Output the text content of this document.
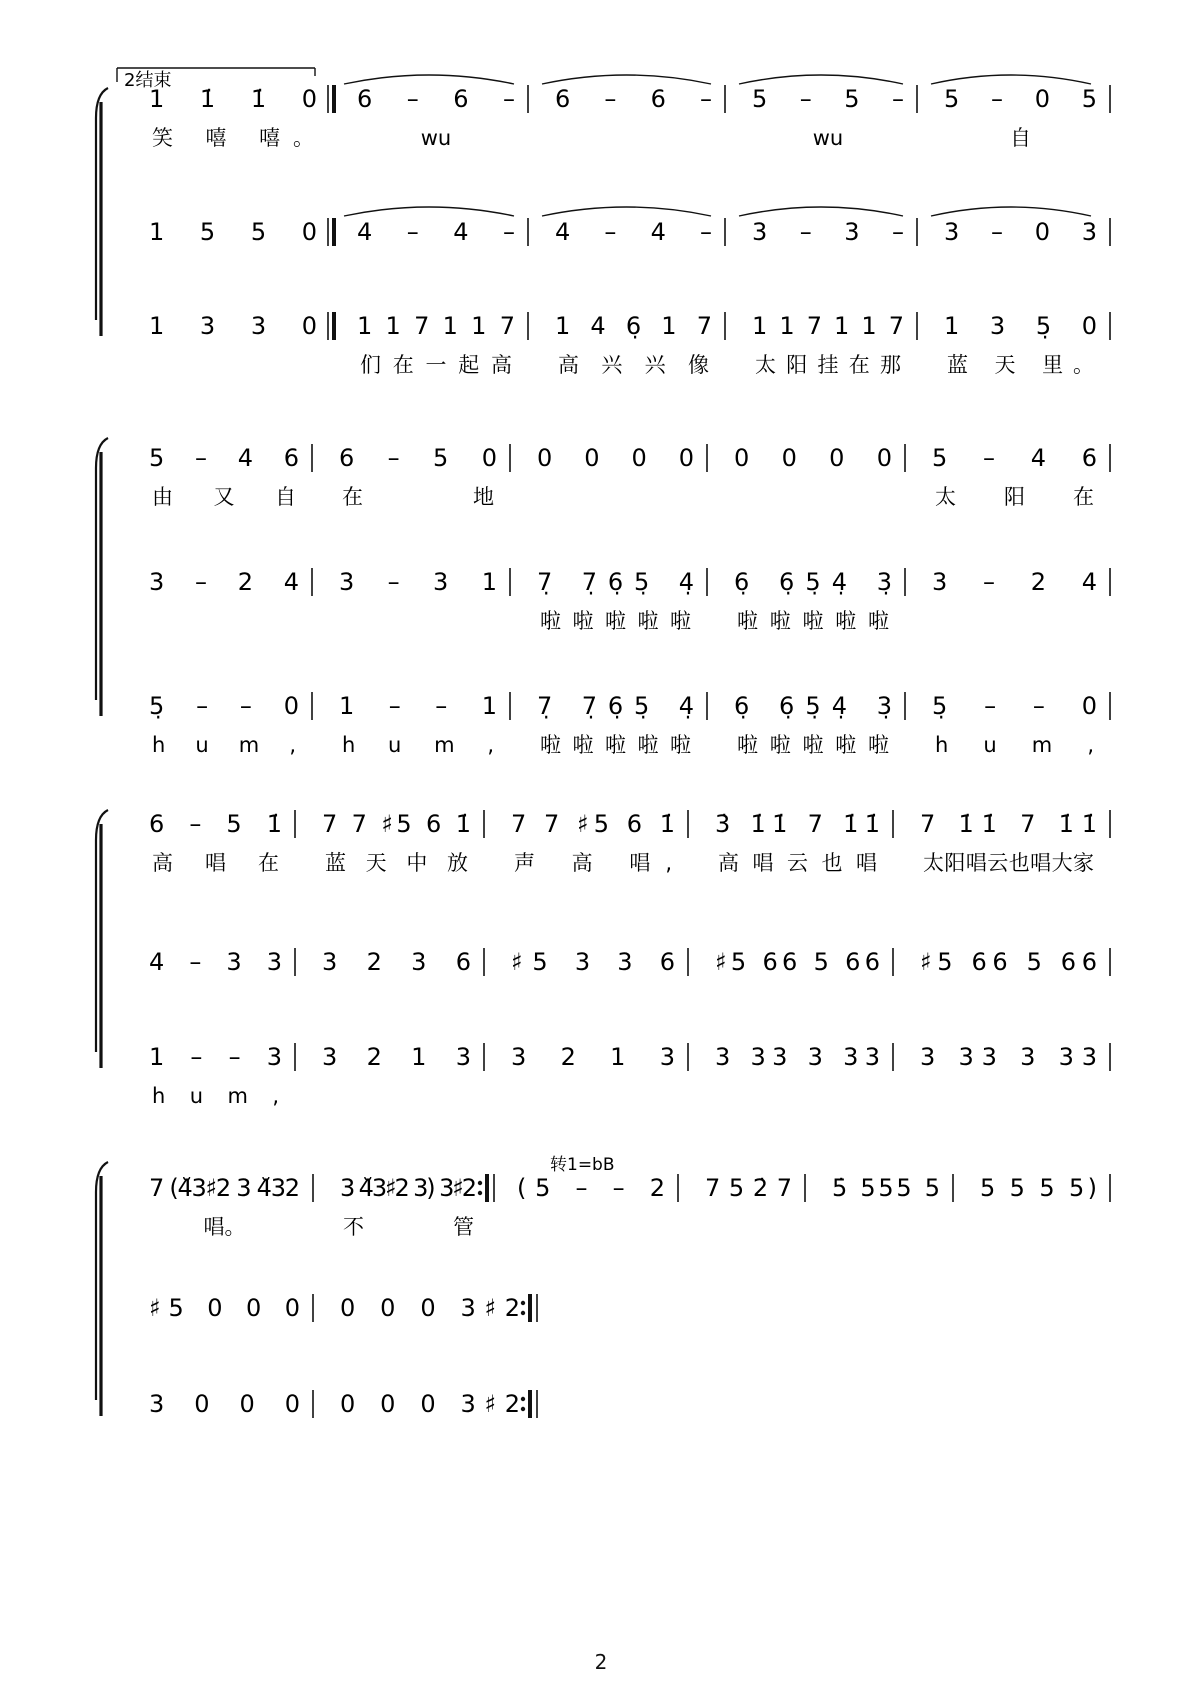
1 1̇ 1̇ 0
笑 嘻 嘻。
6 – 6 –
wu
6 – 6 – 5 – 5 –
wu
5 – 0 5
自
1 5 5 0 4 – 4 – 4 – 4 – 3 – 3 – 3 – 0 3
1 3 3 0 1 1 7 1 1 7
们 在 一 起 高
1 4 6̣ 1 7
高 兴 兴 像
1 1 7 1 1 7
太 阳 挂 在 那
1 3 5̣ 0
蓝 天 里。
5 – 4 6
由 又 自
6 – 5 0
在 地
0 0 0 0 0 0 0 0 5 – 4 6
太 阳 在
3 – 2 4 3 – 3 1 7̣ 7̣6̣5̣ 4̣
啦 啦 啦 啦 啦
6̣ 6̣5̣4̣ 3̣
啦 啦 啦 啦 啦
3 – 2 4
5̣ – – 0
hum,
1 – – 1
hum,
7̣ 7̣6̣5̣ 4̣
啦 啦 啦 啦 啦
6̣ 6̣5̣4̣ 3̣
啦 啦 啦 啦 啦
5̣ – – 0
hum,
6 – 5 1̇
高 唱 在
7 7 ♯5 6 1̇
蓝 天 中 放
7 7 ♯5 6 1̇
声 高 唱,
3̇ 1̇1̇ 7 1̇1̇
高 唱 云 也 唱
7 1̇1̇ 7 1̇1̇
太 阳 唱 云 也 唱 大 家
4 – 3 3 3 2 3 6 ♯5 3 3 6 ♯5 66 5 66 ♯5 66 5 66
1 – – 3
hum,
3 2 1 3 3 2 1 3 3 33 3 33 3 33 3 33
7 (4̆3♯2 3 4̆32
唱。
3 4̆3♯2 3) 3♯2
不 管
(5 – – 2 7 5 2̇ 7 5̇ 555 5 5 5 5 5)
♯5 0 0 0 0 0 0 3♯2
3 0 0 0 0 0 0 3♯2
2结束
转1=bB
2
